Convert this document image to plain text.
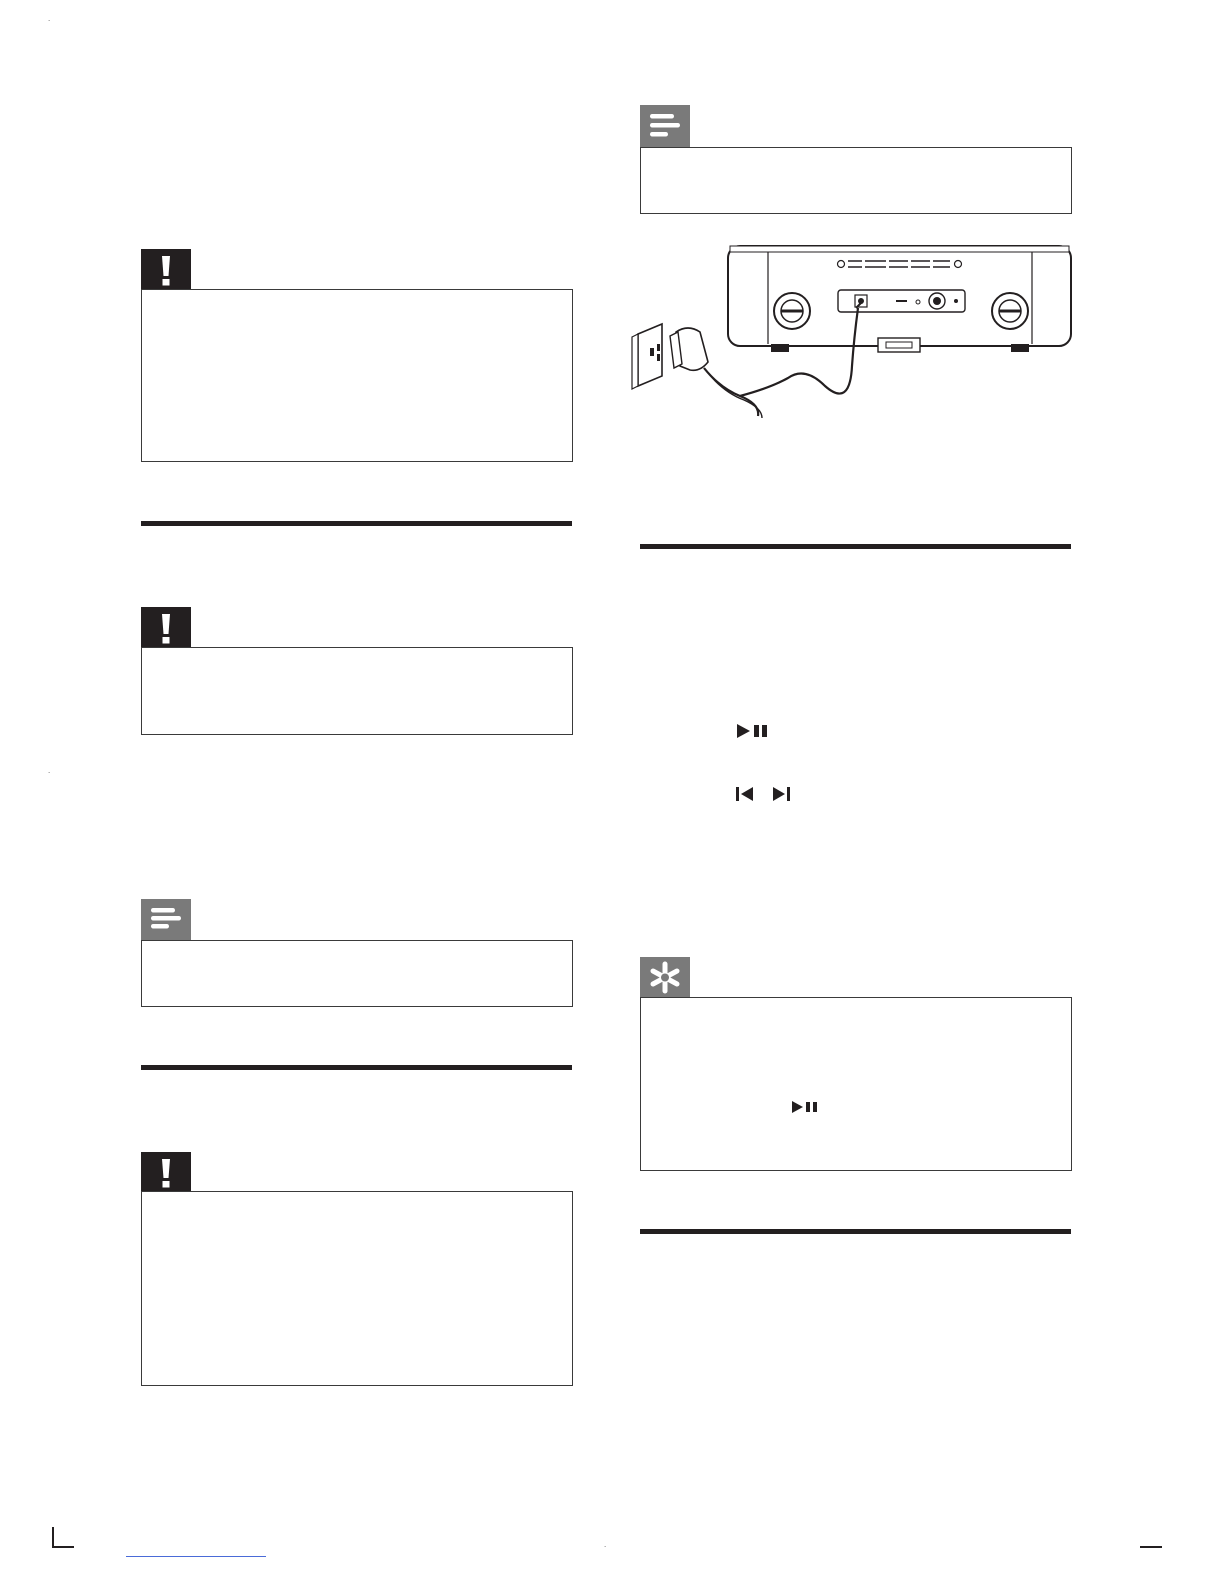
.
.
.
